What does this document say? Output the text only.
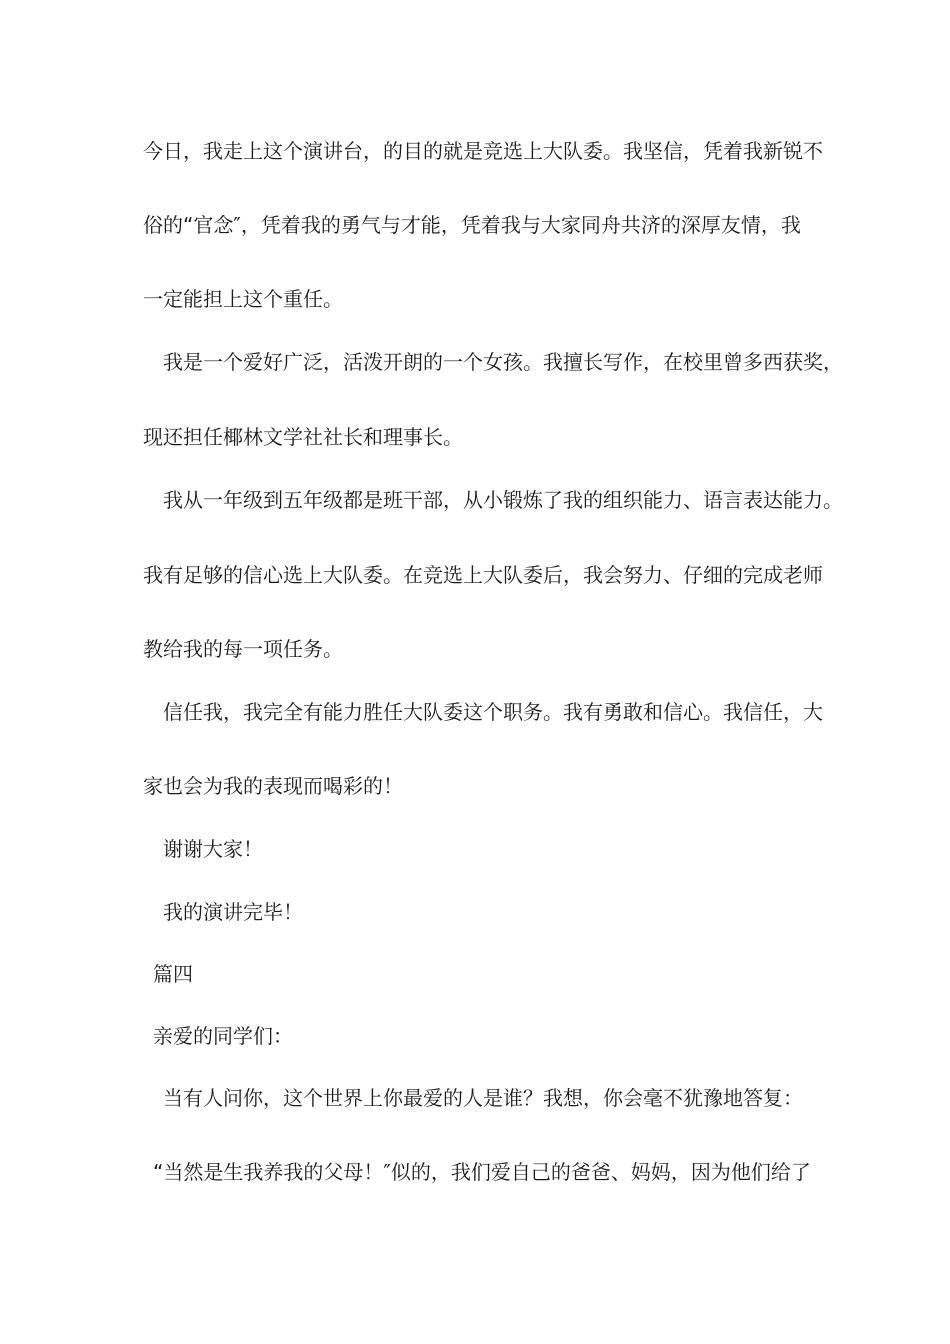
今日，我走上这个演讲台，的目的就是竞选上大队委。我坚信，凭着我新锐不
俗的“官念″，凭着我的勇气与才能，凭着我与大家同舟共济的深厚友情，我
一定能担上这个重任。
我是一个爱好广泛，活泼开朗的一个女孩。我擅长写作，在校里曾多西获奖，
现还担任椰林文学社社长和理事长。
我从一年级到五年级都是班干部，从小锻炼了我的组织能力、语言表达能力。
我有足够的信心选上大队委。在竞选上大队委后，我会努力、仔细的完成老师
教给我的每一项任务。
信任我，我完全有能力胜任大队委这个职务。我有勇敢和信心。我信任，大
家也会为我的表现而喝彩的！
谢谢大家！
我的演讲完毕！
篇四
亲爱的同学们：
当有人问你，这个世界上你最爱的人是谁？我想，你会毫不犹豫地答复：
“当然是生我养我的父母！″似的，我们爱自己的爸爸、妈妈，因为他们给了
